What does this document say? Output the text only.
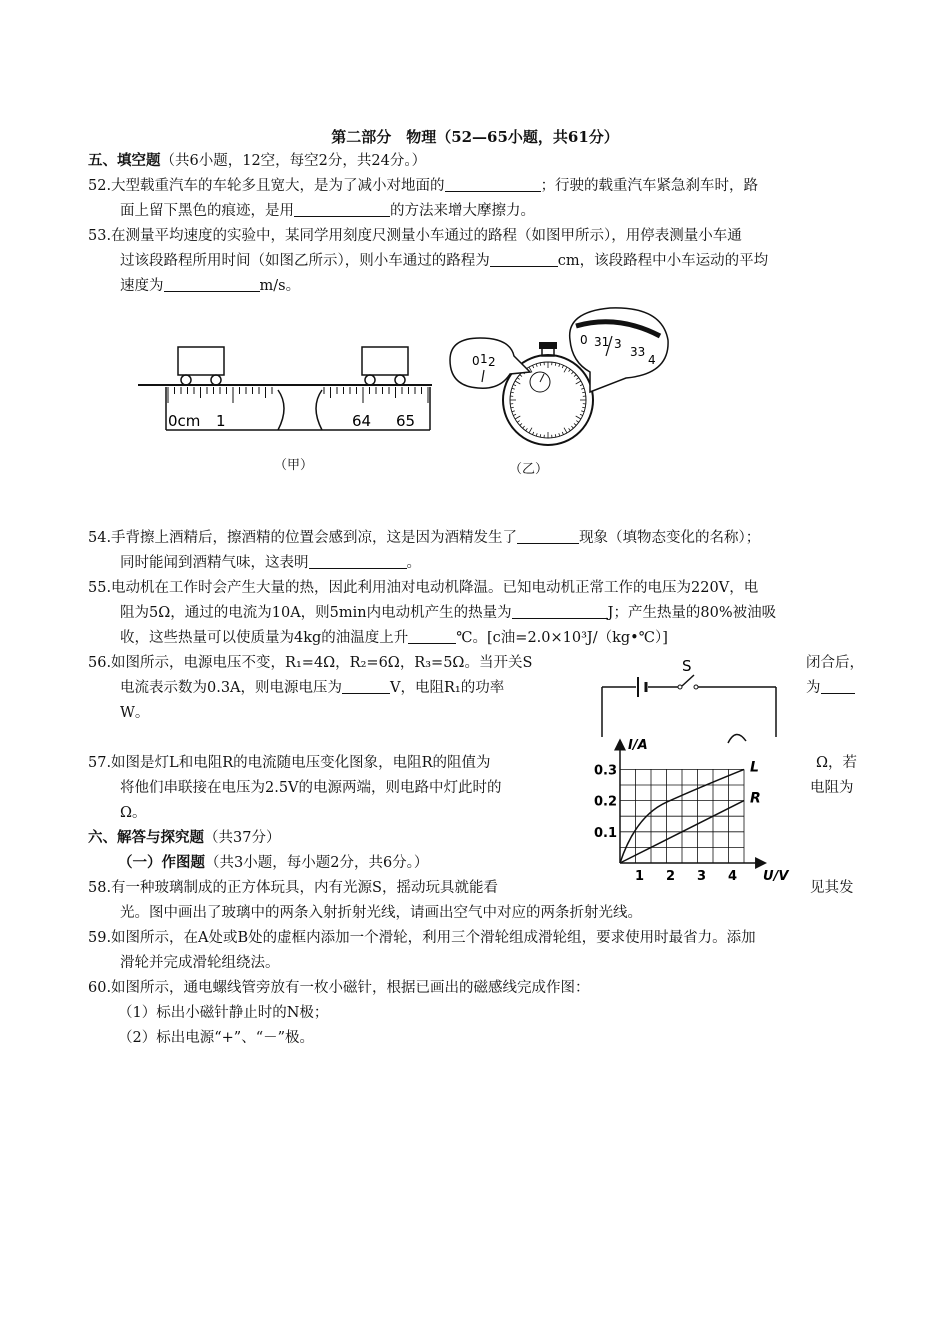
第二部分　物理（52—65小题，共61分）
五、填空题（共6小题，12空，每空2分，共24分。）
52.大型载重汽车的车轮多且宽大，是为了减小对地面的	；行驶的载重汽车紧急刹车时，路
面上留下黑色的痕迹，是用	的方法来增大摩擦力。
53.在测量平均速度的实验中，某同学用刻度尺测量小车通过的路程（如图甲所示），用停表测量小车通
过该段路程所用时间（如图乙所示），则小车通过的路程为	cm，该段路程中小车运动的平均
速度为	m/s。
0cm 1	64 65
（甲）
0 1 2
0 31 3
33
4
（乙）
54.手背擦上酒精后，擦酒精的位置会感到凉，这是因为酒精发生了	现象（填物态变化的名称）；
同时能闻到酒精气味，这表明	。
55.电动机在工作时会产生大量的热，因此利用油对电动机降温。已知电动机正常工作的电压为220V，电
阻为5Ω，通过的电流为10A，则5min内电动机产生的热量为	J；产生热量的80%被油吸
收，这些热量可以使质量为4kg的油温度上升	℃。[c油=2.0×10³J/（kg•℃）]
56.如图所示，电源电压不变，R₁=4Ω，R₂=6Ω，R₃=5Ω。当开关S	闭合后，
电流表示数为0.3A，则电源电压为	V，电阻R₁的功率	为
W。
S
57.如图是灯L和电阻R的电流随电压变化图象，电阻R的阻值为	Ω，若
将他们串联接在电压为2.5V的电源两端，则电路中灯此时的	电阻为
Ω。
L
R
1 2 3 4
0.1
0.2
0.3
U/V
I/A
六、解答与探究题（共37分）
（一）作图题（共3小题，每小题2分，共6分。）
58.有一种玻璃制成的正方体玩具，内有光源S，摇动玩具就能看	见其发
光。图中画出了玻璃中的两条入射折射光线，请画出空气中对应的两条折射光线。
59.如图所示，在A处或B处的虚框内添加一个滑轮，利用三个滑轮组成滑轮组，要求使用时最省力。添加
滑轮并完成滑轮组绕法。
60.如图所示，通电螺线管旁放有一枚小磁针，根据已画出的磁感线完成作图：
（1）标出小磁针静止时的N极；
（2）标出电源“+”、“－”极。
